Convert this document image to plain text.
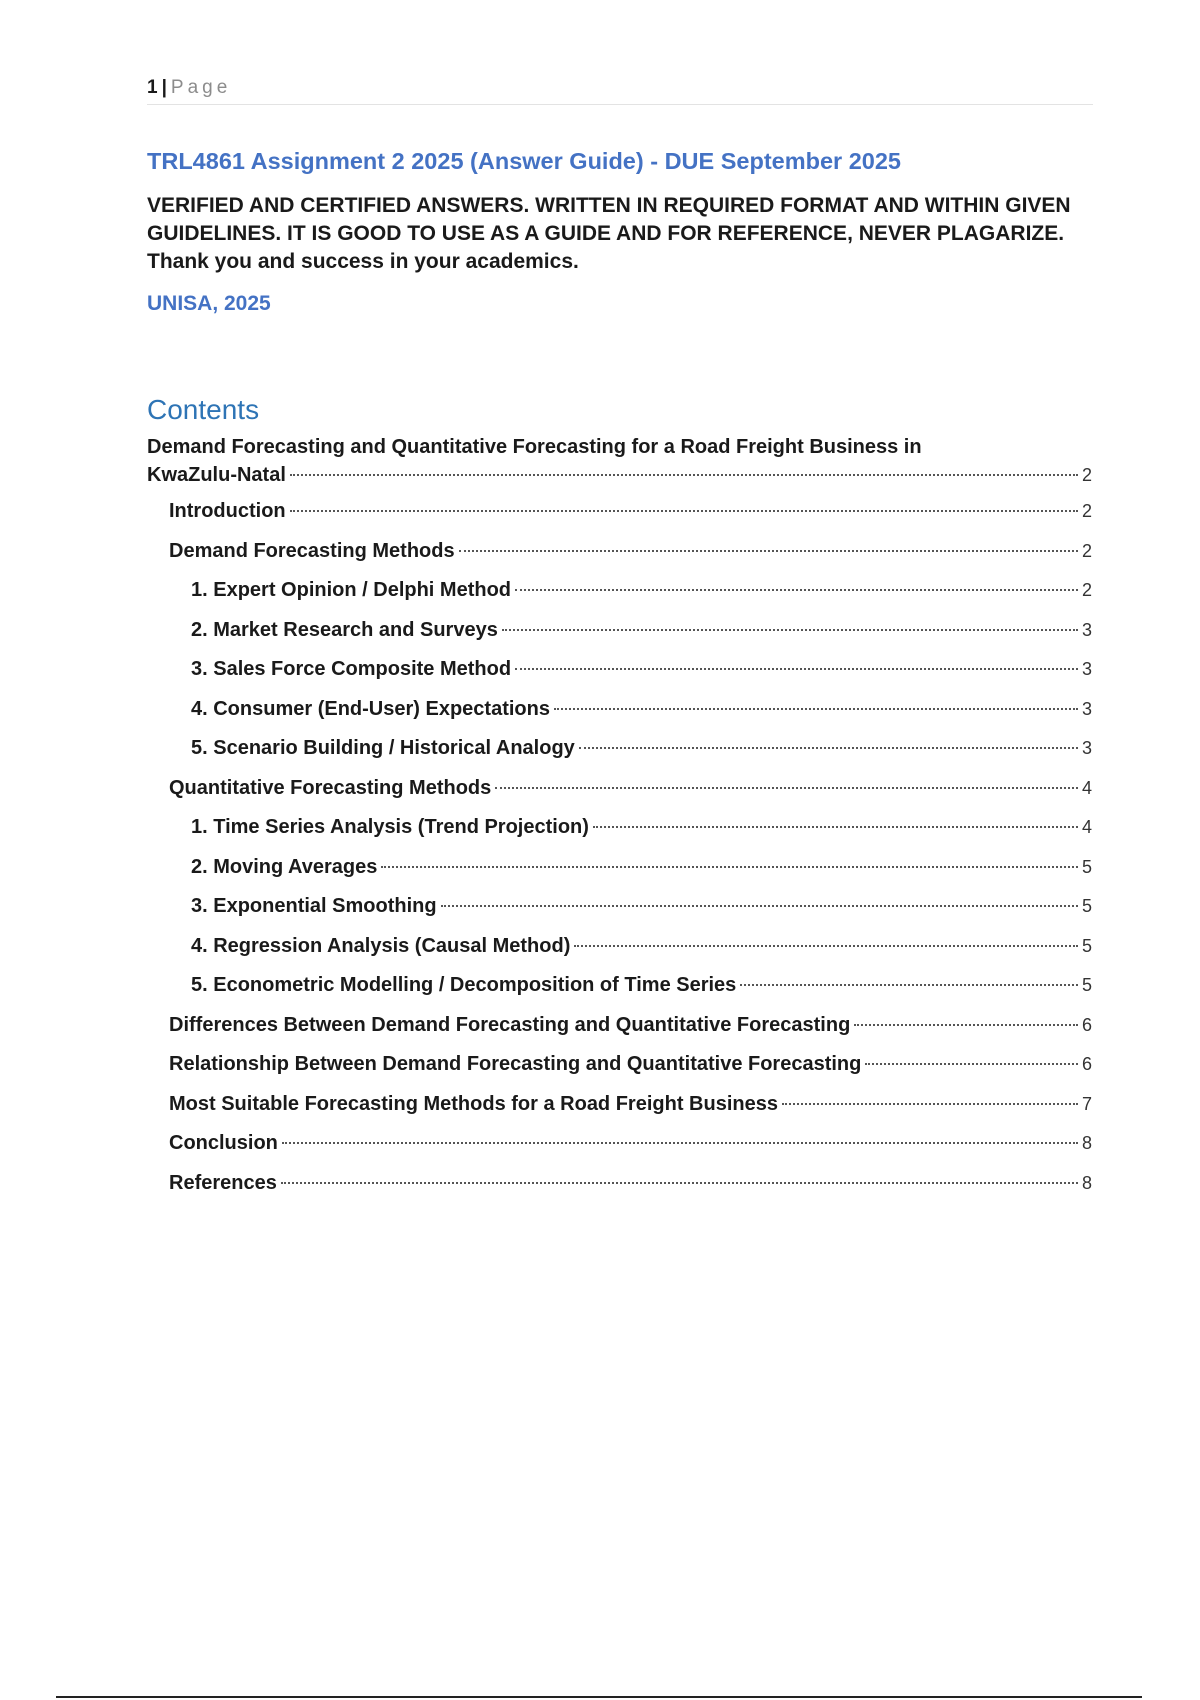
1 | Page
TRL4861 Assignment 2 2025 (Answer Guide) - DUE September 2025
VERIFIED AND CERTIFIED ANSWERS. WRITTEN IN REQUIRED FORMAT AND WITHIN GIVEN GUIDELINES. IT IS GOOD TO USE AS A GUIDE AND FOR REFERENCE, NEVER PLAGARIZE. Thank you and success in your academics.
UNISA, 2025
Contents
Demand Forecasting and Quantitative Forecasting for a Road Freight Business in
KwaZulu-Natal	2
Introduction	2
Demand Forecasting Methods	2
1. Expert Opinion / Delphi Method	2
2. Market Research and Surveys	3
3. Sales Force Composite Method	3
4. Consumer (End-User) Expectations	3
5. Scenario Building / Historical Analogy	3
Quantitative Forecasting Methods	4
1. Time Series Analysis (Trend Projection)	4
2. Moving Averages	5
3. Exponential Smoothing	5
4. Regression Analysis (Causal Method)	5
5. Econometric Modelling / Decomposition of Time Series	5
Differences Between Demand Forecasting and Quantitative Forecasting	6
Relationship Between Demand Forecasting and Quantitative Forecasting	6
Most Suitable Forecasting Methods for a Road Freight Business	7
Conclusion	8
References	8
